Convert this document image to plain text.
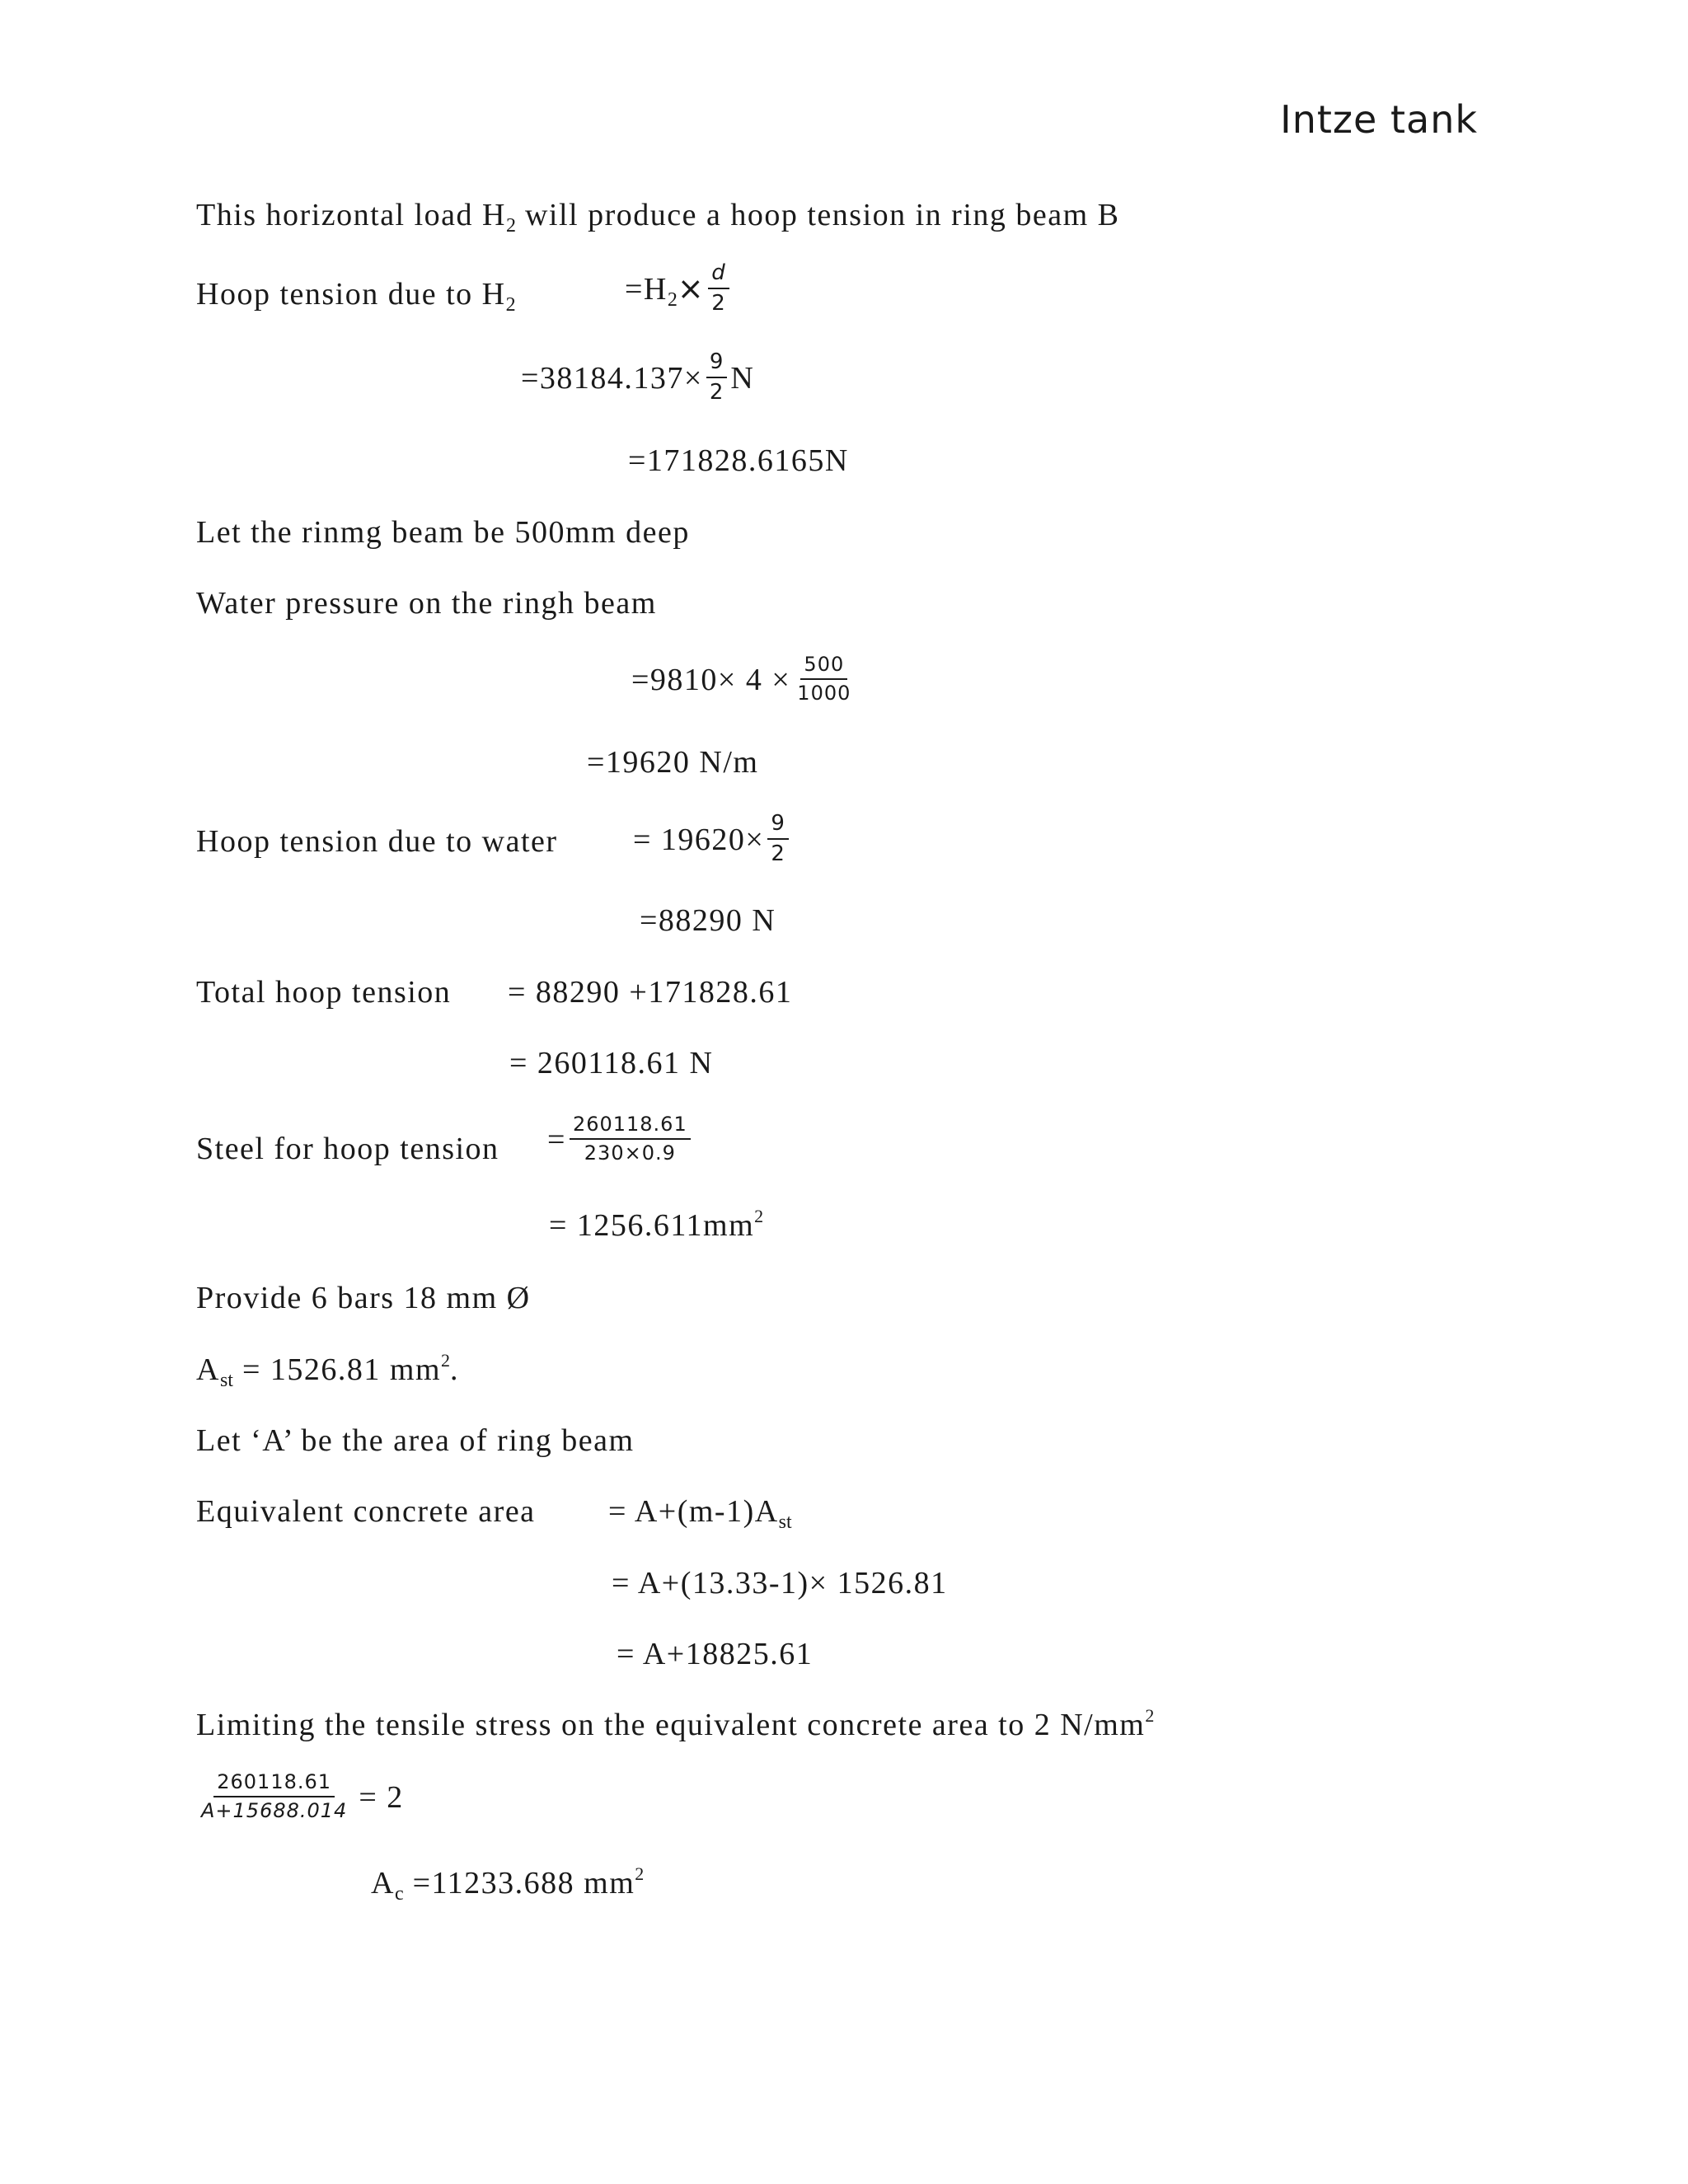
Intze tank
This horizontal load $H_2$ will produce a hoop tension in ring beam B
Hoop tension due to $H_2$	$=H_2\times \frac{d}{2}$
$=38184.137\times \frac{9}{2}$ N
=171828.6165N
Let the rinmg beam be 500mm deep
Water pressure on the ringh beam
$=9810\times 4 \times \frac{500}{1000}$
=19620 N/m
Hoop tension due to water = $19620\times \frac{9}{2}$
=88290 N
Total hoop tension = 88290 +171828.61
= 260118.61 N
Steel for hoop tension = $\frac{260118.61}{230\times 0.9}$
= $1256.611mm^2$
Provide 6 bars 18 mm Ø
$A_{st} = 1526.81$ $mm^2$.
Let ‘A’ be the area of ring beam
Equivalent concrete area = $A+(m-1)A_{st}$
= A+(13.33-1)× 1526.81
= A+18825.61
Limiting the tensile stress on the equivalent concrete area to 2 $N/mm^2$
$\frac{260118.61}{A+15688.014} = 2$
$A_c =11233.688$ $mm^2$
